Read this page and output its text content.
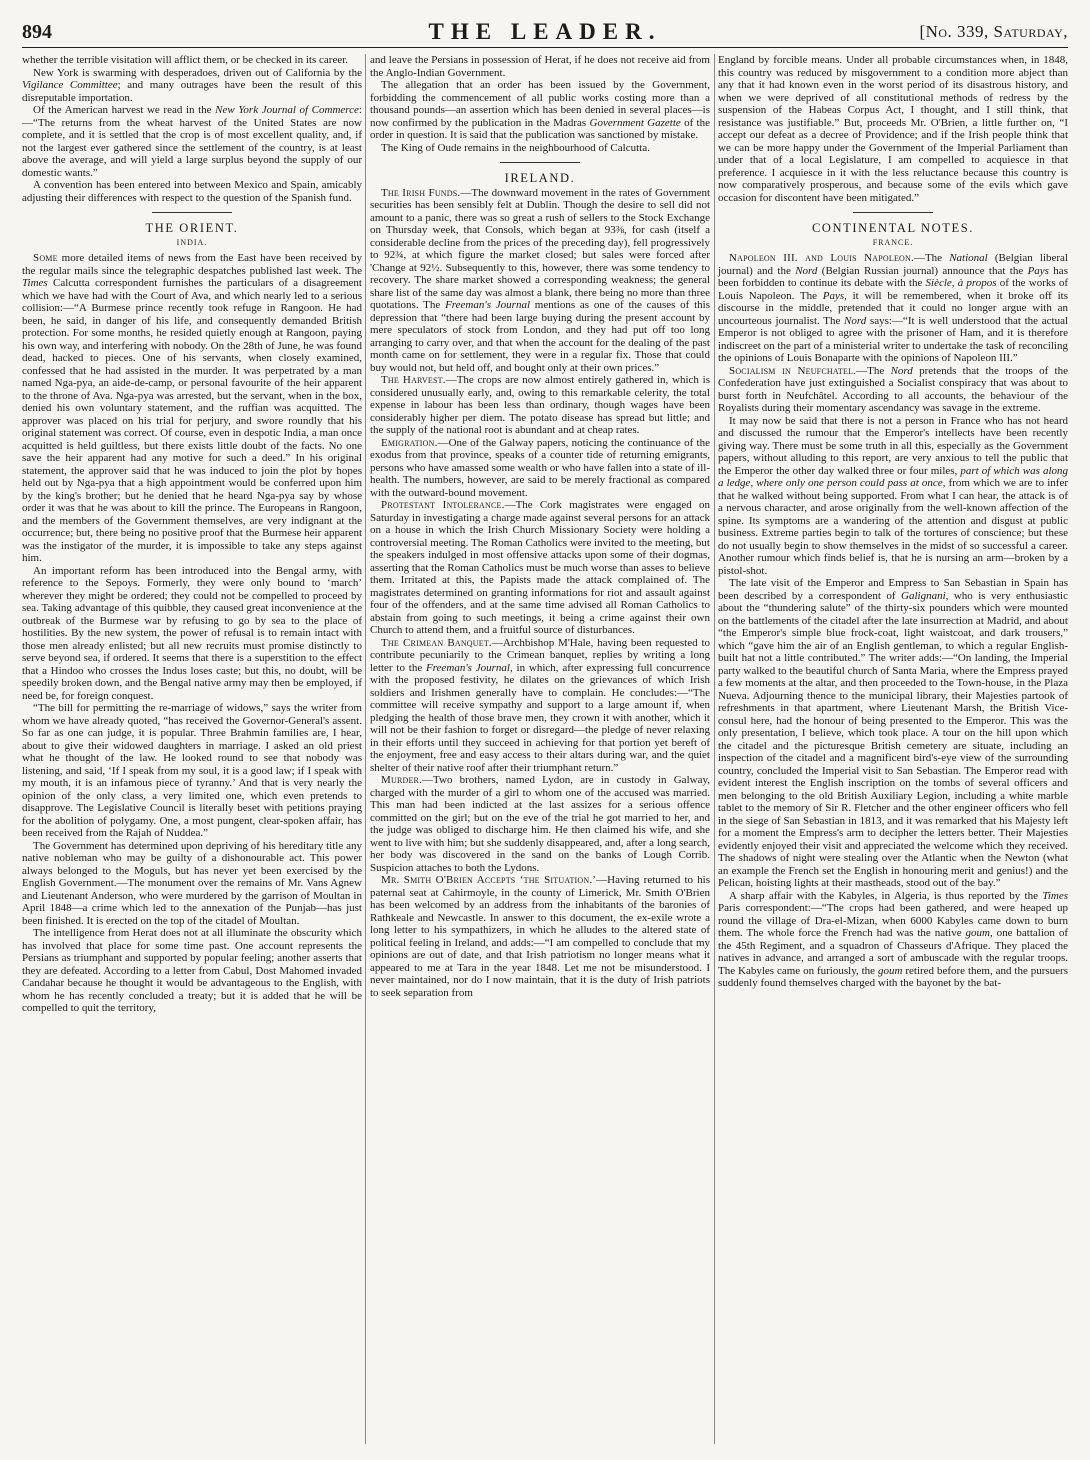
894	THE LEADER.	[No. 339, Saturday,

whether the terrible visitation will afflict them, or be checked in its career.

New York is swarming with desperadoes, driven out of California by the Vigilance Committee; and many outrages have been the result of this disreputable importation.

Of the American harvest we read in the New York Journal of Commerce:—“The returns from the wheat harvest of the United States are now complete, and it is settled that the crop is of most excellent quality, and, if not the largest ever gathered since the settlement of the country, is at least above the average, and will yield a large surplus beyond the supply of our domestic wants.”

A convention has been entered into between Mexico and Spain, amicably adjusting their differences with respect to the question of the Spanish fund.

THE ORIENT.
INDIA.

Some more detailed items of news from the East have been received by the regular mails since the telegraphic despatches published last week. The Times Calcutta correspondent furnishes the particulars of a disagreement which we have had with the Court of Ava, and which nearly led to a serious collision:—“A Burmese prince recently took refuge in Rangoon. He had been, he said, in danger of his life, and consequently demanded British protection. For some months, he resided quietly enough at Rangoon, paying his own way, and interfering with nobody. On the 28th of June, he was found dead, hacked to pieces. One of his servants, when closely examined, confessed that he had assisted in the murder. It was perpetrated by a man named Nga-pya, an aide-de-camp, or personal favourite of the heir apparent to the throne of Ava. Nga-pya was arrested, but the servant, when in the box, denied his own voluntary statement, and the ruffian was acquitted. The approver was placed on his trial for perjury, and swore roundly that his original statement was correct. Of course, even in despotic India, a man once acquitted is held guiltless, but there exists little doubt of the facts. No one save the heir apparent had any motive for such a deed.” In his original statement, the approver said that he was induced to join the plot by hopes held out by Nga-pya that a high appointment would be conferred upon him by the king's brother; but he denied that he heard Nga-pya say by whose order it was that he was about to kill the prince. The Europeans in Rangoon, and the members of the Government themselves, are very indignant at the occurrence; but, there being no positive proof that the Burmese heir apparent was the instigator of the murder, it is impossible to take any steps against him.

An important reform has been introduced into the Bengal army, with reference to the Sepoys. Formerly, they were only bound to ‘march’ wherever they might be ordered; they could not be compelled to proceed by sea. Taking advantage of this quibble, they caused great inconvenience at the outbreak of the Burmese war by refusing to go by sea to the place of hostilities. By the new system, the power of refusal is to remain intact with those men already enlisted; but all new recruits must promise distinctly to serve beyond sea, if ordered. It seems that there is a superstition to the effect that a Hindoo who crosses the Indus loses caste; but this, no doubt, will be speedily broken down, and the Bengal native army may then be employed, if need be, for foreign conquest.

“The bill for permitting the re-marriage of widows,” says the writer from whom we have already quoted, “has received the Governor-General's assent. So far as one can judge, it is popular. Three Brahmin families are, I hear, about to give their widowed daughters in marriage. I asked an old priest what he thought of the law. He looked round to see that nobody was listening, and said, ‘If I speak from my soul, it is a good law; if I speak with my mouth, it is an infamous piece of tyranny.’ And that is very nearly the opinion of the only class, a very limited one, which even pretends to disapprove. The Legislative Council is literally beset with petitions praying for the abolition of polygamy. One, a most pungent, clear-spoken affair, has been received from the Rajah of Nuddea.”

The Government has determined upon depriving of his hereditary title any native nobleman who may be guilty of a dishonourable act. This power always belonged to the Moguls, but has never yet been exercised by the English Government.—The monument over the remains of Mr. Vans Agnew and Lieutenant Anderson, who were murdered by the garrison of Moultan in April 1848—a crime which led to the annexation of the Punjab—has just been finished. It is erected on the top of the citadel of Moultan.

The intelligence from Herat does not at all illuminate the obscurity which has involved that place for some time past. One account represents the Persians as triumphant and supported by popular feeling; another asserts that they are defeated. According to a letter from Cabul, Dost Mahomed invaded Candahar because he thought it would be advantageous to the English, with whom he has recently concluded a treaty; but it is added that he will be compelled to quit the territory,

and leave the Persians in possession of Herat, if he does not receive aid from the Anglo-Indian Government.

The allegation that an order has been issued by the Government, forbidding the commencement of all public works costing more than a thousand pounds—an assertion which has been denied in several places—is now confirmed by the publication in the Madras Government Gazette of the order in question. It is said that the publication was sanctioned by mistake.

The King of Oude remains in the neighbourhood of Calcutta.

IRELAND.

The Irish Funds.—The downward movement in the rates of Government securities has been sensibly felt at Dublin. Though the desire to sell did not amount to a panic, there was so great a rush of sellers to the Stock Exchange on Thursday week, that Consols, which began at 93⅜, for cash (itself a considerable decline from the prices of the preceding day), fell progressively to 92¾, at which figure the market closed; but sales were forced after 'Change at 92½. Subsequently to this, however, there was some tendency to recovery. The share market showed a corresponding weakness; the general share list of the same day was almost a blank, there being no more than three quotations. The Freeman's Journal mentions as one of the causes of this depression that “there had been large buying during the present account by mere speculators of stock from London, and they had put off too long arranging to carry over, and that when the account for the dealing of the past month came on for settlement, they were in a regular fix. Those that could buy would not, but held off, and bought only at their own prices.”

The Harvest.—The crops are now almost entirely gathered in, which is considered unusually early, and, owing to this remarkable celerity, the total expense in labour has been less than ordinary, though wages have been considerably higher per diem. The potato disease has spread but little; and the supply of the national root is abundant and at cheap rates.

Emigration.—One of the Galway papers, noticing the continuance of the exodus from that province, speaks of a counter tide of returning emigrants, persons who have amassed some wealth or who have fallen into a state of ill-health. The numbers, however, are said to be merely fractional as compared with the outward-bound movement.

Protestant Intolerance.—The Cork magistrates were engaged on Saturday in investigating a charge made against several persons for an attack on a house in which the Irish Church Missionary Society were holding a controversial meeting. The Roman Catholics were invited to the meeting, but the speakers indulged in most offensive attacks upon some of their dogmas, asserting that the Roman Catholics must be much worse than asses to believe them. Irritated at this, the Papists made the attack complained of. The magistrates determined on granting informations for riot and assault against four of the offenders, and at the same time advised all Roman Catholics to abstain from going to such meetings, it being a crime against their own Church to attend them, and a fruitful source of disturbances.

The Crimean Banquet.—Archbishop M'Hale, having been requested to contribute pecuniarily to the Crimean banquet, replies by writing a long letter to the Freeman's Journal, in which, after expressing full concurrence with the proposed festivity, he dilates on the grievances of which Irish soldiers and Irishmen generally have to complain. He concludes:—“The committee will receive sympathy and support to a large amount if, when pledging the health of those brave men, they crown it with another, which it will not be their fashion to forget or disregard—the pledge of never relaxing in their efforts until they succeed in achieving for that portion yet bereft of the enjoyment, free and easy access to their altars during war, and the quiet shelter of their native roof after their triumphant return.”

Murder.—Two brothers, named Lydon, are in custody in Galway, charged with the murder of a girl to whom one of the accused was married. This man had been indicted at the last assizes for a serious offence committed on the girl; but on the eve of the trial he got married to her, and the judge was obliged to discharge him. He then claimed his wife, and she went to live with him; but she suddenly disappeared, and, after a long search, her body was discovered in the sand on the banks of Lough Corrib. Suspicion attaches to both the Lydons.

Mr. Smith O'Brien Accepts ‘the Situation.’—Having returned to his paternal seat at Cahirmoyle, in the county of Limerick, Mr. Smith O'Brien has been welcomed by an address from the inhabitants of the baronies of Rathkeale and Newcastle. In answer to this document, the ex-exile wrote a long letter to his sympathizers, in which he alludes to the altered state of political feeling in Ireland, and adds:—“I am compelled to conclude that my opinions are out of date, and that Irish patriotism no longer means what it appeared to me at Tara in the year 1848. Let me not be misunderstood. I never maintained, nor do I now maintain, that it is the duty of Irish patriots to seek separation from

England by forcible means. Under all probable circumstances when, in 1848, this country was reduced by misgovernment to a condition more abject than any that it had known even in the worst period of its disastrous history, and when we were deprived of all constitutional methods of redress by the suspension of the Habeas Corpus Act, I thought, and I still think, that resistance was justifiable.” But, proceeds Mr. O'Brien, a little further on, “I accept our defeat as a decree of Providence; and if the Irish people think that we can be more happy under the Government of the Imperial Parliament than under that of a local Legislature, I am compelled to acquiesce in that preference. I acquiesce in it with the less reluctance because this country is now comparatively prosperous, and because some of the evils which gave occasion for discontent have been mitigated.”

CONTINENTAL NOTES.
FRANCE.

Napoleon III. and Louis Napoleon.—The National (Belgian liberal journal) and the Nord (Belgian Russian journal) announce that the Pays has been forbidden to continue its debate with the Siècle, à propos of the works of Louis Napoleon. The Pays, it will be remembered, when it broke off its discourse in the middle, pretended that it could no longer argue with an uncourteous journalist. The Nord says:—“It is well understood that the actual Emperor is not obliged to agree with the prisoner of Ham, and it is therefore indiscreet on the part of a ministerial writer to undertake the task of reconciling the opinions of Louis Bonaparte with the opinions of Napoleon III.”

Socialism in Neufchatel.—The Nord pretends that the troops of the Confederation have just extinguished a Socialist conspiracy that was about to burst forth in Neufchâtel. According to all accounts, the behaviour of the Royalists during their momentary ascendancy was savage in the extreme.

It may now be said that there is not a person in France who has not heard and discussed the rumour that the Emperor's intellects have been recently giving way. There must be some truth in all this, especially as the Government papers, without alluding to this report, are very anxious to tell the public that the Emperor the other day walked three or four miles, part of which was along a ledge, where only one person could pass at once, from which we are to infer that he walked without being supported. From what I can hear, the attack is of a nervous character, and arose originally from the well-known affection of the spine. Its symptoms are a wandering of the attention and disgust at public business. Extreme parties begin to talk of the tortures of conscience; but these do not usually begin to show themselves in the midst of so successful a career. Another rumour which finds belief is, that he is nursing an arm—broken by a pistol-shot.

The late visit of the Emperor and Empress to San Sebastian in Spain has been described by a correspondent of Galignani, who is very enthusiastic about the “thundering salute” of the thirty-six pounders which were mounted on the battlements of the citadel after the late insurrection at Madrid, and about “the Emperor's simple blue frock-coat, light waistcoat, and dark trousers,” which “gave him the air of an English gentleman, to which a regular English-built hat not a little contributed.” The writer adds:—“On landing, the Imperial party walked to the beautiful church of Santa Maria, where the Empress prayed a few moments at the altar, and then proceeded to the Town-house, in the Plaza Nueva. Adjourning thence to the municipal library, their Majesties partook of refreshments in that apartment, where Lieutenant Marsh, the British Vice-consul here, had the honour of being presented to the Emperor. This was the only presentation, I believe, which took place. A tour on the hill upon which the citadel and the picturesque British cemetery are situate, including an inspection of the citadel and a magnificent bird's-eye view of the surrounding country, concluded the Imperial visit to San Sebastian. The Emperor read with evident interest the English inscription on the tombs of several officers and men belonging to the old British Auxiliary Legion, including a white marble tablet to the memory of Sir R. Fletcher and the other engineer officers who fell in the siege of San Sebastian in 1813, and it was remarked that his Majesty left for a moment the Empress's arm to decipher the letters better. Their Majesties evidently enjoyed their visit and appreciated the welcome which they received. The shadows of night were stealing over the Atlantic when the Newton (what an example the French set the English in honouring merit and genius!) and the Pelican, hoisting lights at their mastheads, stood out of the bay.”

A sharp affair with the Kabyles, in Algeria, is thus reported by the Times Paris correspondent:—“The crops had been gathered, and were heaped up round the village of Dra-el-Mizan, when 6000 Kabyles came down to burn them. The whole force the French had was the native goum, one battalion of the 45th Regiment, and a squadron of Chasseurs d'Afrique. They placed the natives in advance, and arranged a sort of ambuscade with the regular troops. The Kabyles came on furiously, the goum retired before them, and the pursuers suddenly found themselves charged with the bayonet by the bat-
